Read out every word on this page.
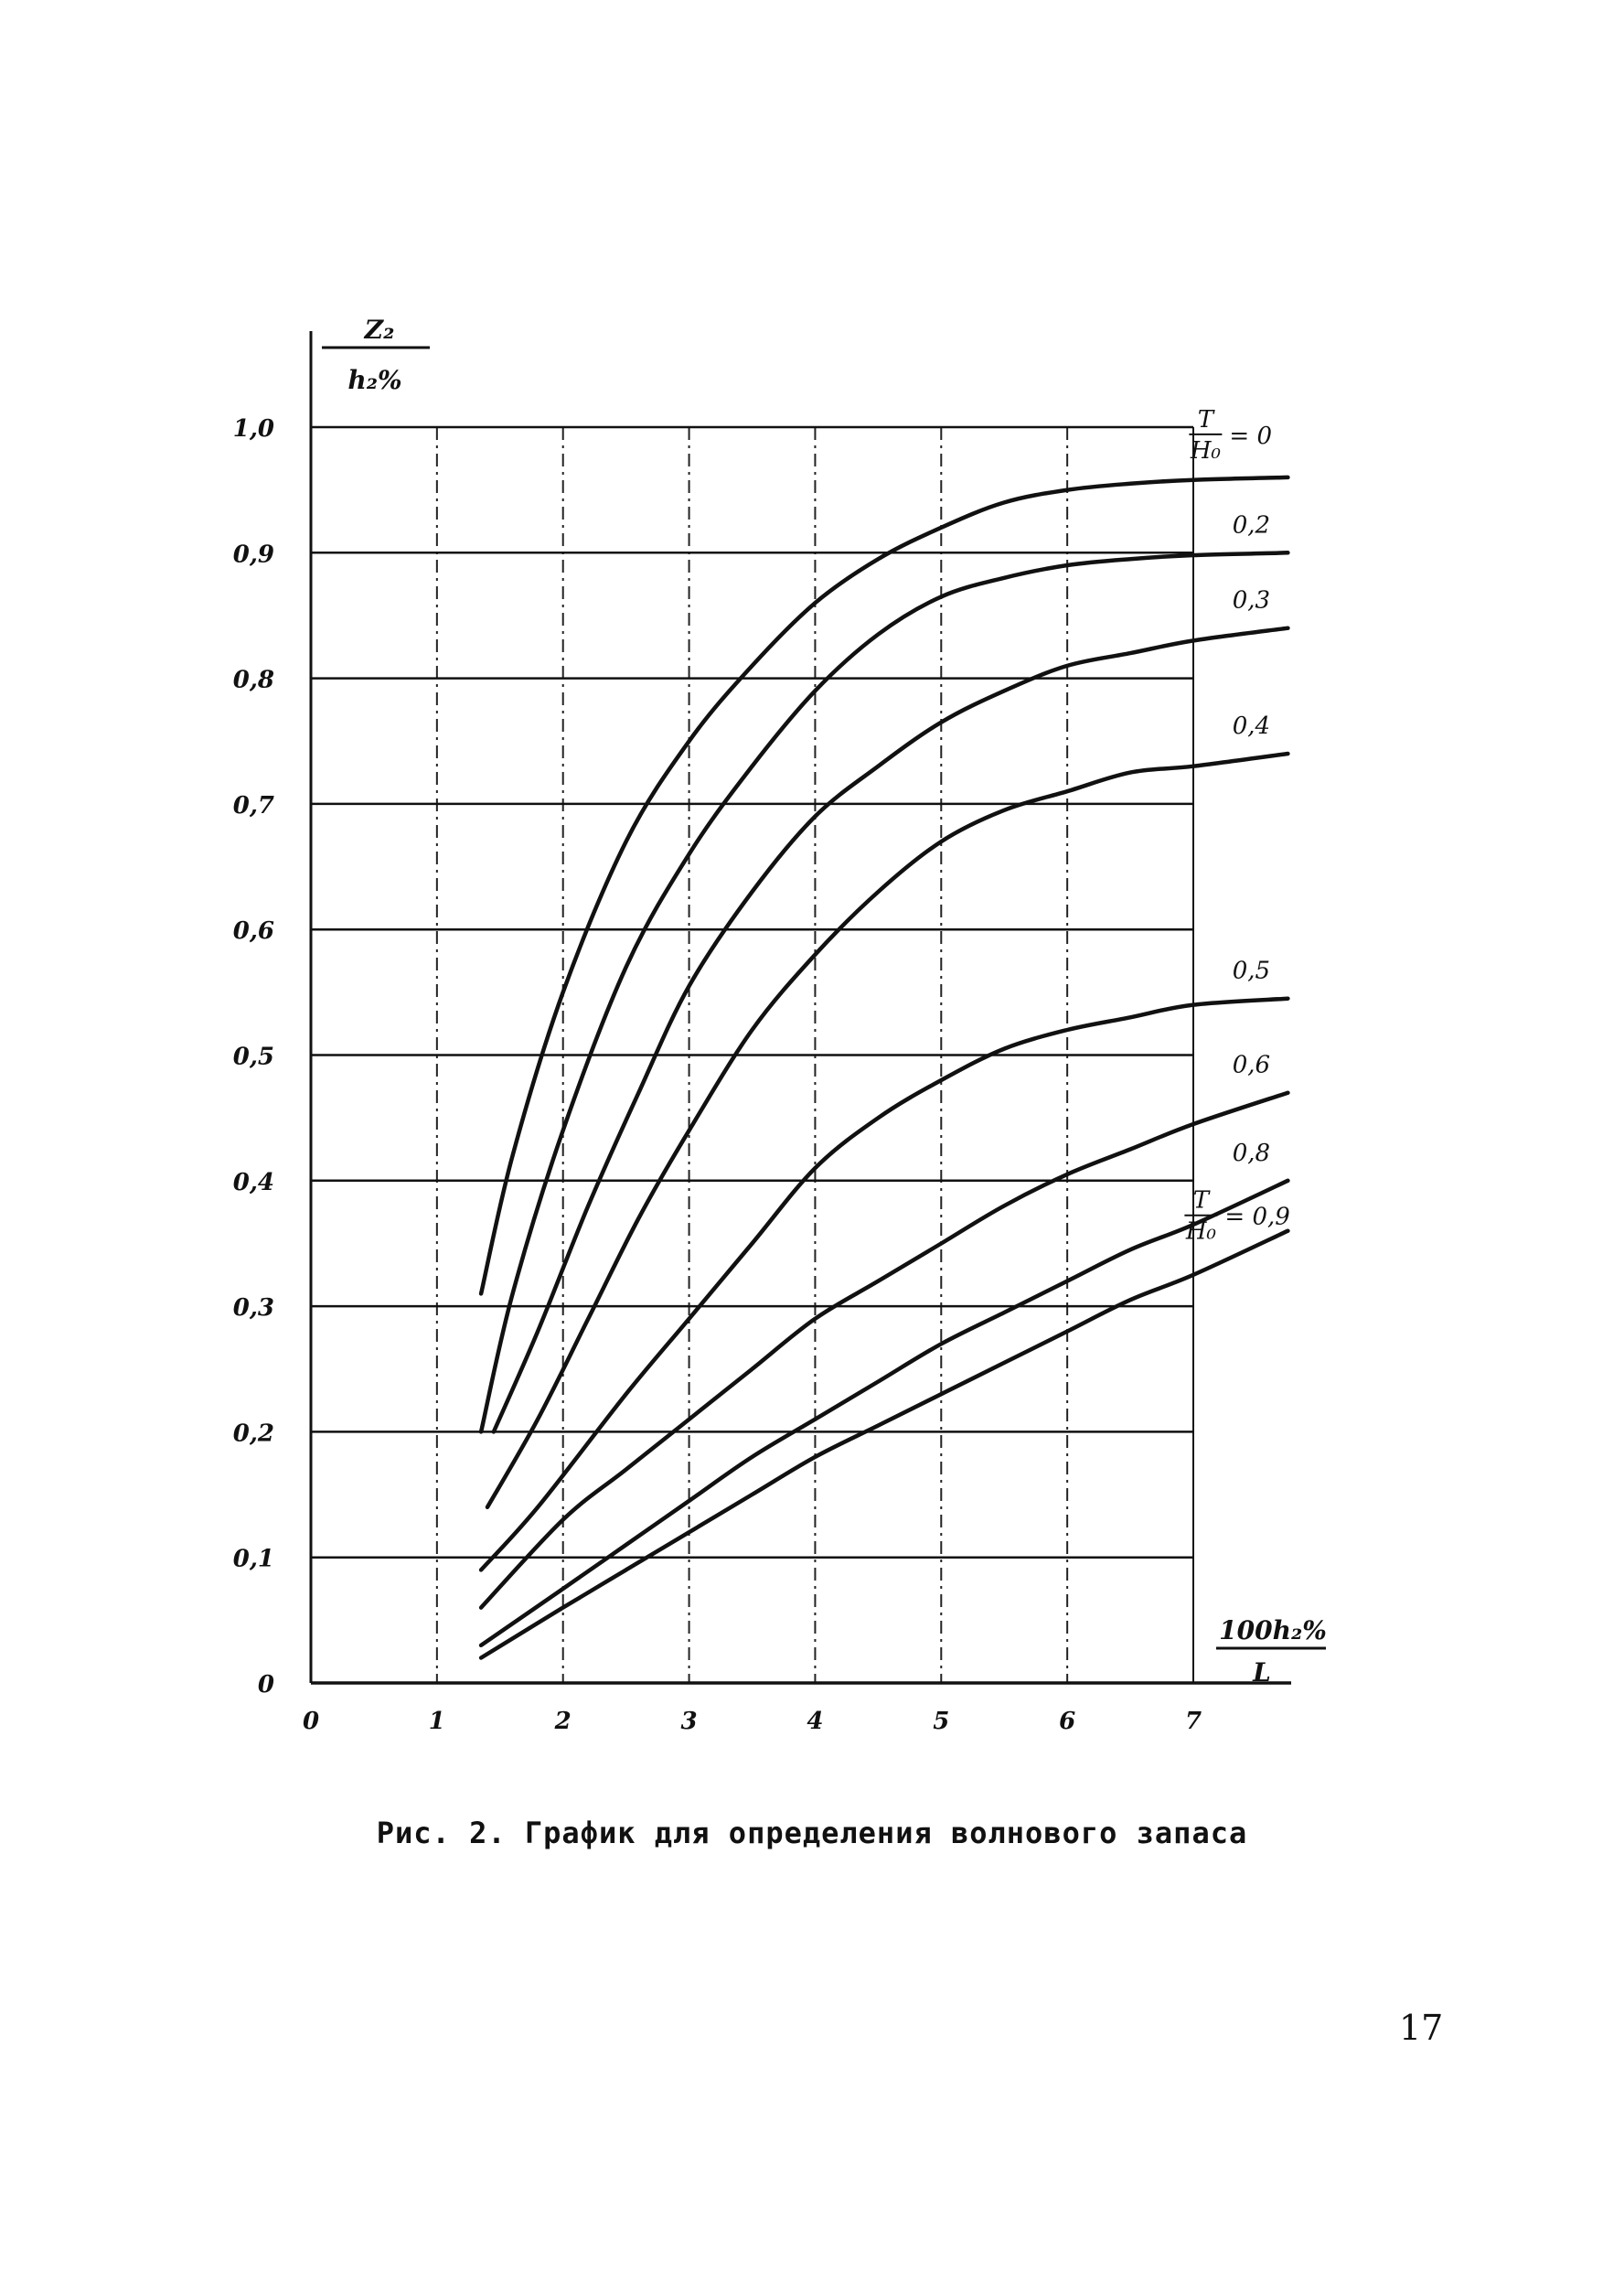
0	1	2	3	4	5	6	7
0
0,1
0,2
0,3
0,4
0,5
0,6
0,7
0,8
0,9
1,0	T
H₀
= 0
0,2
0,3
0,4
0,5
0,6
0,8
T
H₀
= 0,9
Z₂
h₂%
100h₂%
L
Рис. 2. График для определения волнового запаса
17
